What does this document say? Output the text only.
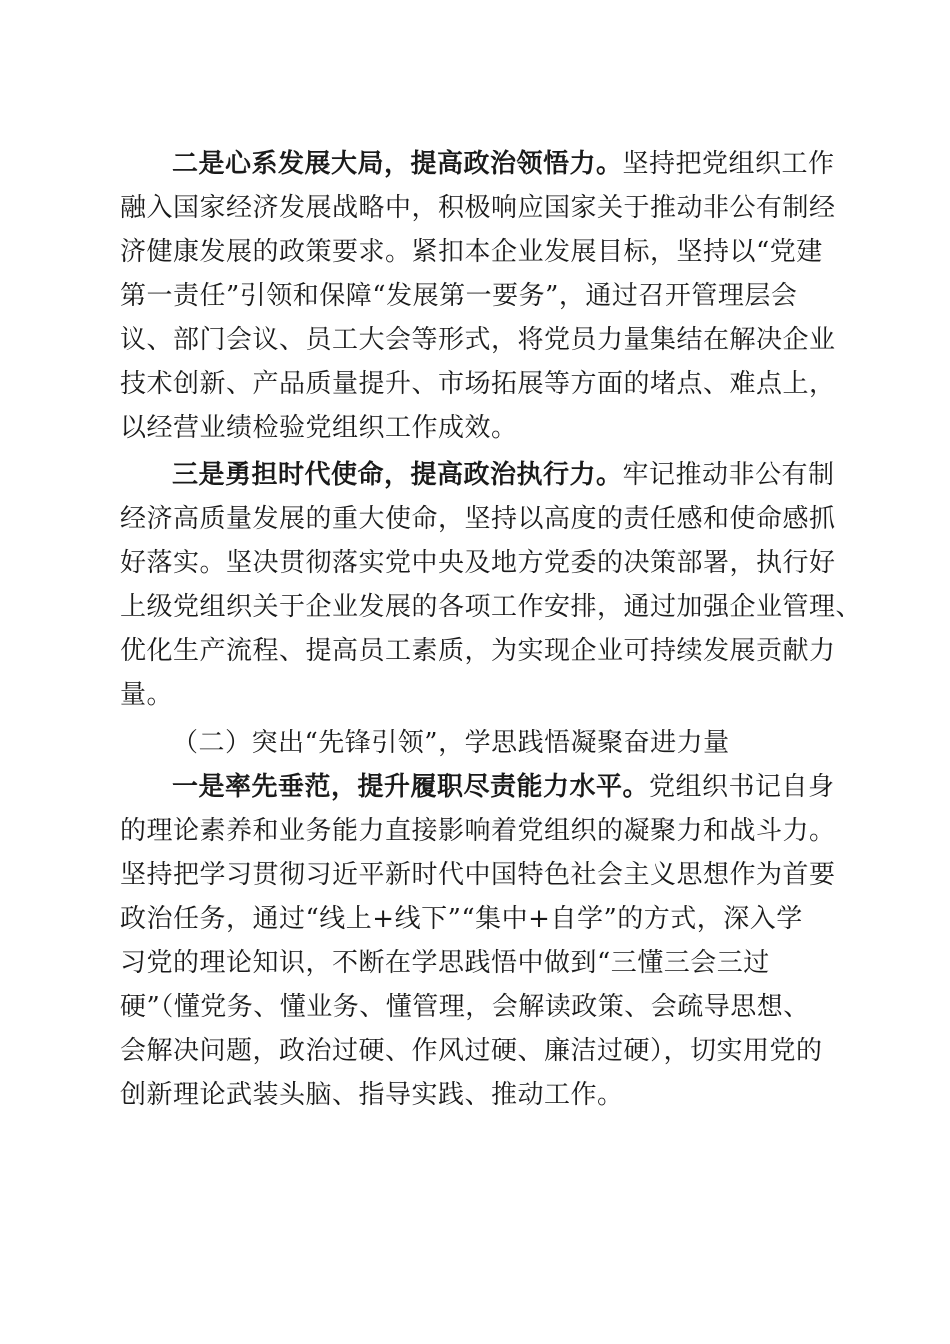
二是心系发展大局，提高政治领悟力。坚持把党组织工作
融入国家经济发展战略中，积极响应国家关于推动非公有制经
济健康发展的政策要求。紧扣本企业发展目标，坚持以“党建
第一责任”引领和保障“发展第一要务”，通过召开管理层会
议、部门会议、员工大会等形式，将党员力量集结在解决企业
技术创新、产品质量提升、市场拓展等方面的堵点、难点上，
以经营业绩检验党组织工作成效。
三是勇担时代使命，提高政治执行力。牢记推动非公有制
经济高质量发展的重大使命，坚持以高度的责任感和使命感抓
好落实。坚决贯彻落实党中央及地方党委的决策部署，执行好
上级党组织关于企业发展的各项工作安排，通过加强企业管理、
优化生产流程、提高员工素质，为实现企业可持续发展贡献力
量。
（二）突出“先锋引领”，学思践悟凝聚奋进力量
一是率先垂范，提升履职尽责能力水平。党组织书记自身
的理论素养和业务能力直接影响着党组织的凝聚力和战斗力。
坚持把学习贯彻习近平新时代中国特色社会主义思想作为首要
政治任务，通过“线上+线下”“集中+自学”的方式，深入学
习党的理论知识，不断在学思践悟中做到“三懂三会三过
硬”（懂党务、懂业务、懂管理，会解读政策、会疏导思想、
会解决问题，政治过硬、作风过硬、廉洁过硬），切实用党的
创新理论武装头脑、指导实践、推动工作。
